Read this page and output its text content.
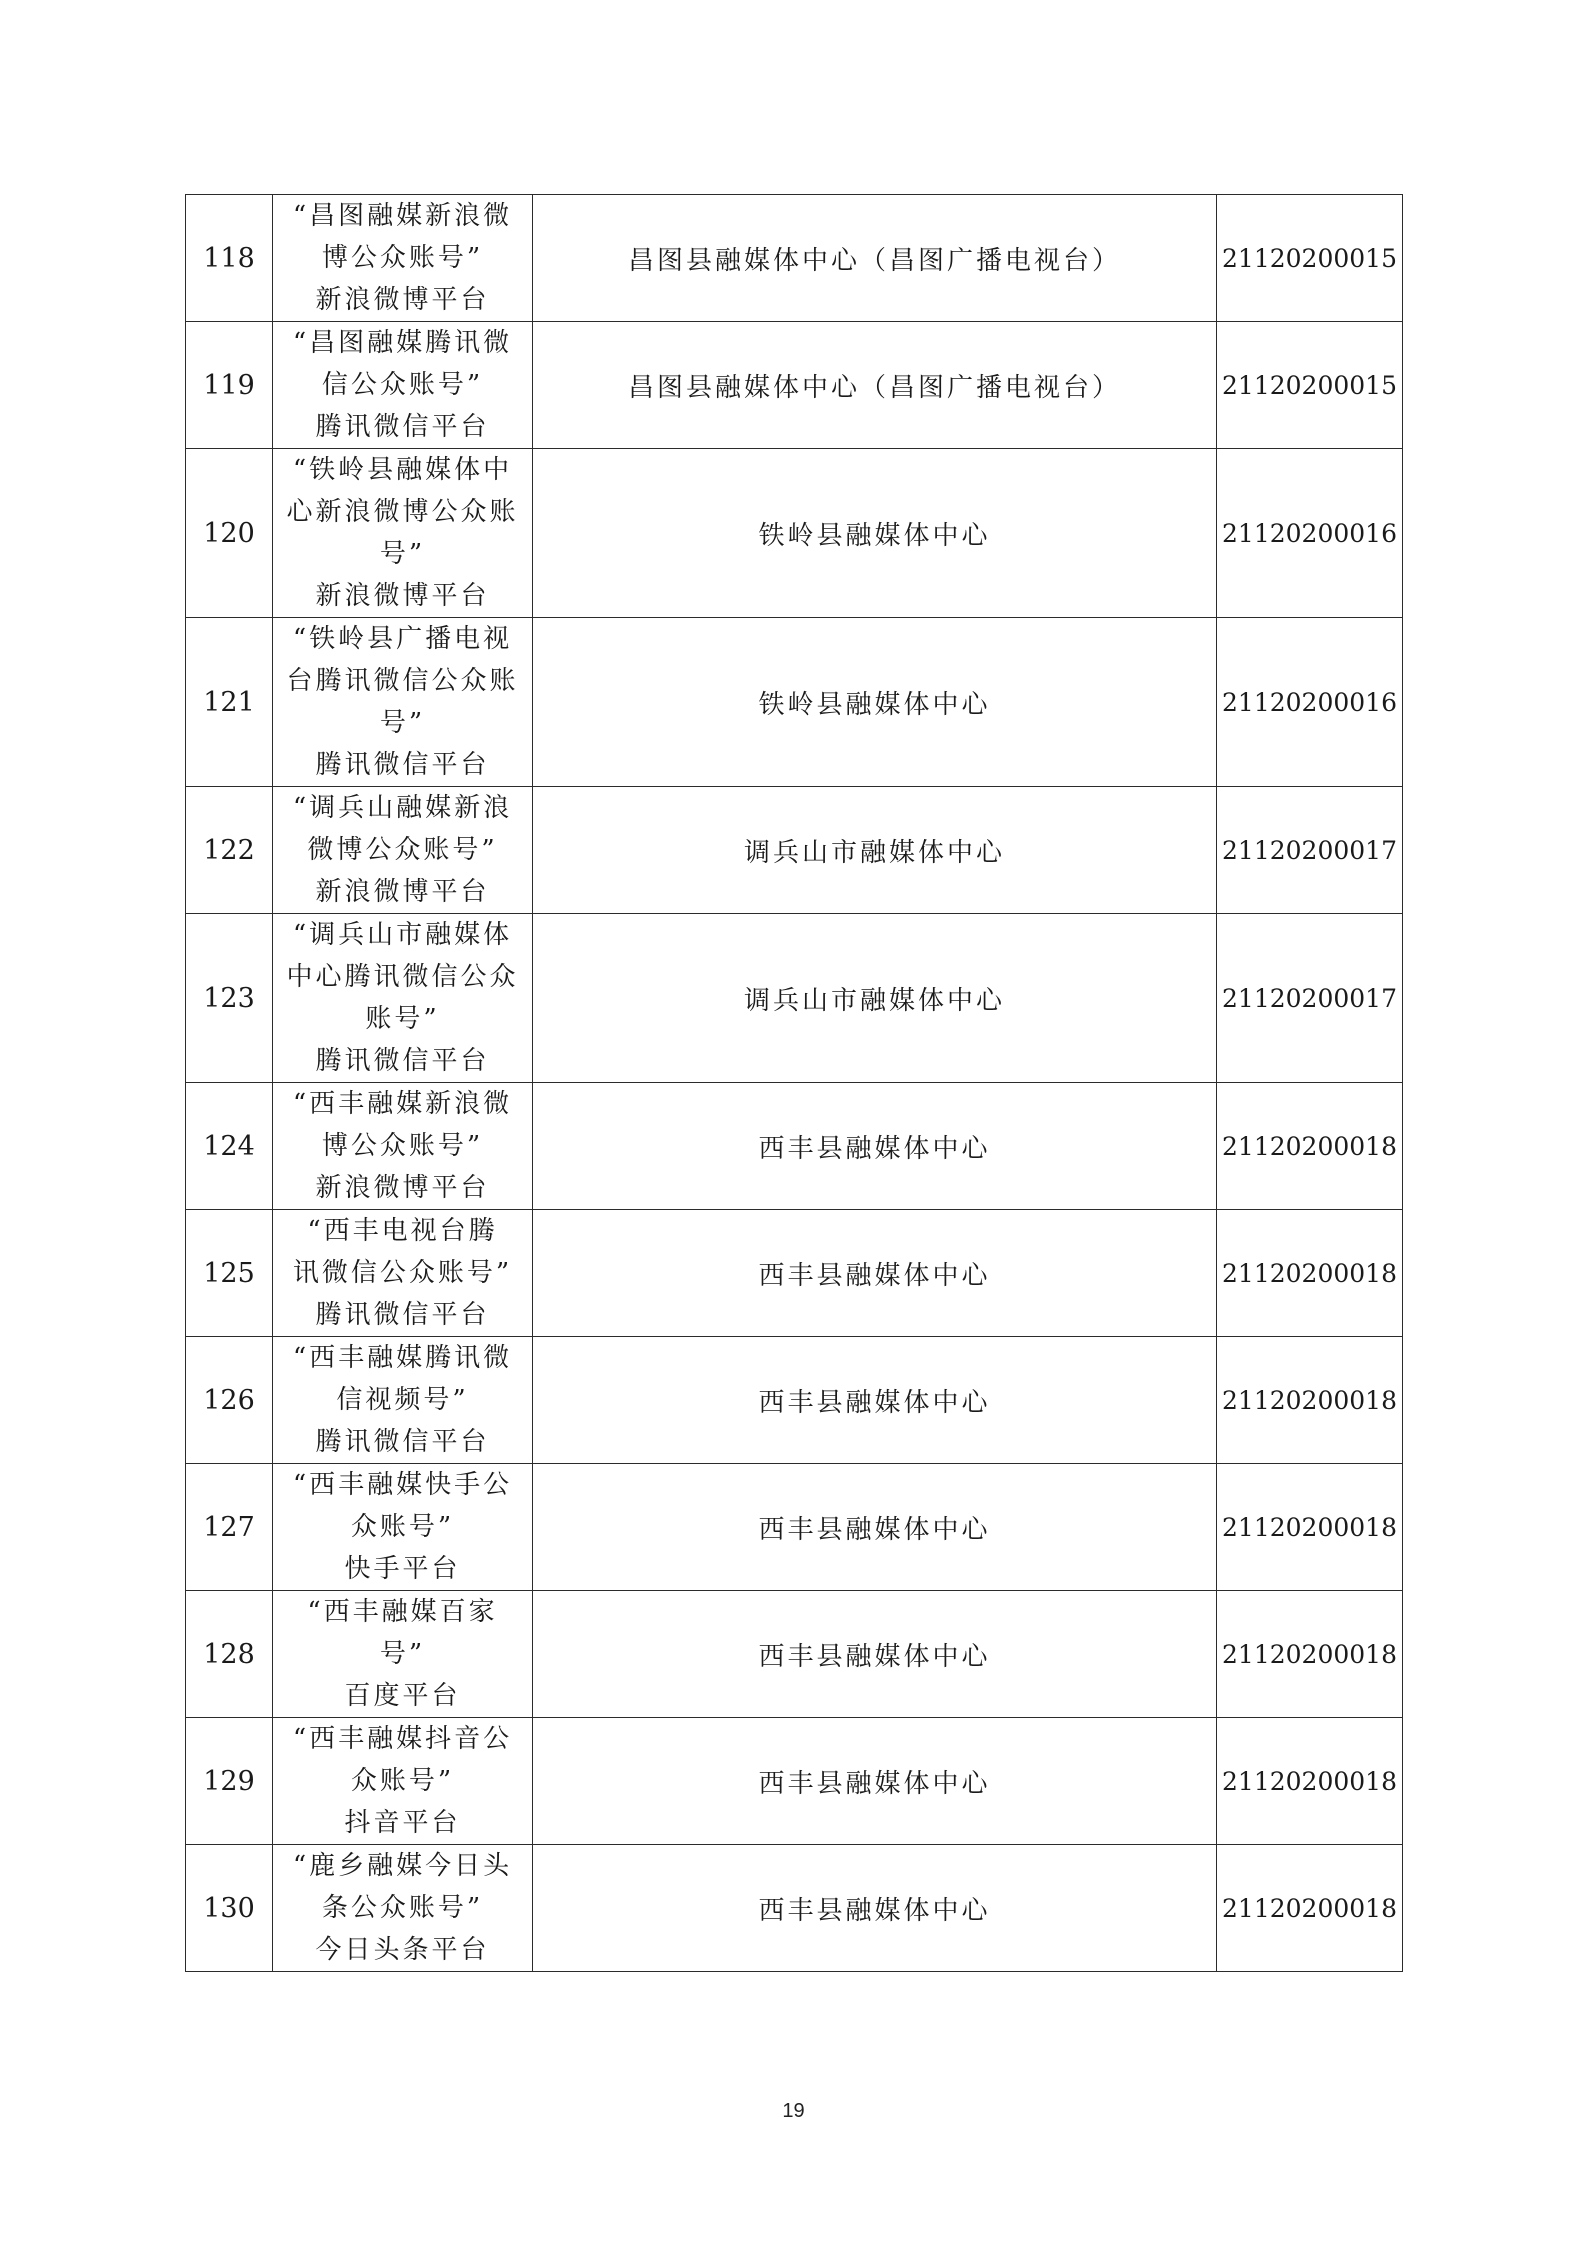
118	“昌图融媒新浪微
博公众账号”
新浪微博平台	昌图县融媒体中心（昌图广播电视台）	21120200015
119	“昌图融媒腾讯微
信公众账号”
腾讯微信平台	昌图县融媒体中心（昌图广播电视台）	21120200015
120	“铁岭县融媒体中
心新浪微博公众账
号”
新浪微博平台	铁岭县融媒体中心	21120200016
121	“铁岭县广播电视
台腾讯微信公众账
号”
腾讯微信平台	铁岭县融媒体中心	21120200016
122	“调兵山融媒新浪
微博公众账号”
新浪微博平台	调兵山市融媒体中心	21120200017
123	“调兵山市融媒体
中心腾讯微信公众
账号”
腾讯微信平台	调兵山市融媒体中心	21120200017
124	“西丰融媒新浪微
博公众账号”
新浪微博平台	西丰县融媒体中心	21120200018
125	“西丰电视台腾
讯微信公众账号”
腾讯微信平台	西丰县融媒体中心	21120200018
126	“西丰融媒腾讯微
信视频号”
腾讯微信平台	西丰县融媒体中心	21120200018
127	“西丰融媒快手公
众账号”
快手平台	西丰县融媒体中心	21120200018
128	“西丰融媒百家
号”
百度平台	西丰县融媒体中心	21120200018
129	“西丰融媒抖音公
众账号”
抖音平台	西丰县融媒体中心	21120200018
130	“鹿乡融媒今日头
条公众账号”
今日头条平台	西丰县融媒体中心	21120200018
19
